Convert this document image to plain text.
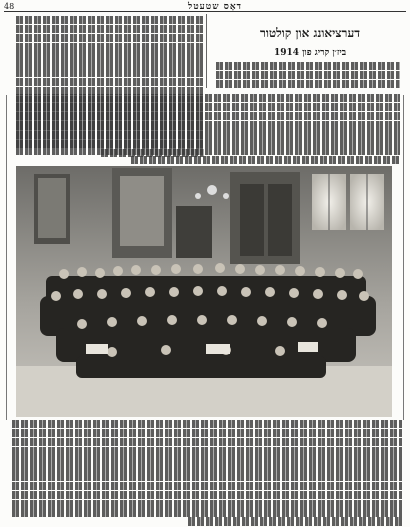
48	דאָס שטעטל
דערציאונג און קולטור
ביז׳ן קריג פון 1914
